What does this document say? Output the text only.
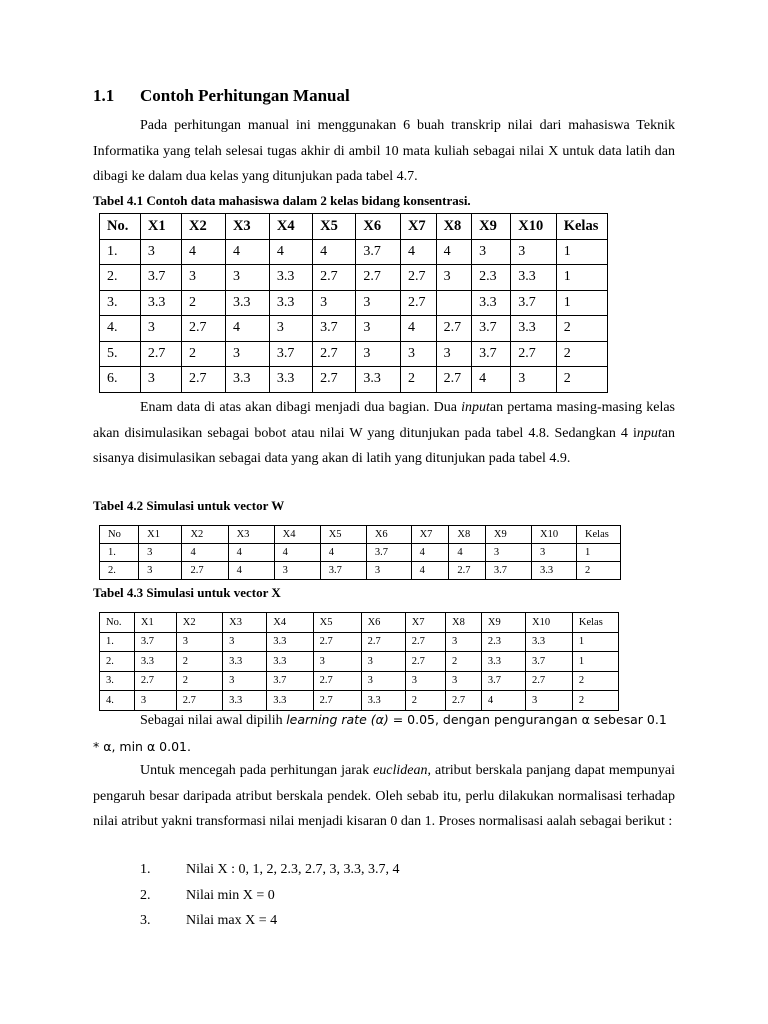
1.1 Contoh Perhitungan Manual

Pada perhitungan manual ini menggunakan 6 buah transkrip nilai dari mahasiswa Teknik Informatika yang telah selesai tugas akhir di ambil 10 mata kuliah sebagai nilai X untuk data latih dan dibagi ke dalam dua kelas yang ditunjukan pada tabel 4.7.

Tabel 4.1 Contoh data mahasiswa dalam 2 kelas bidang konsentrasi.
No.	X1	X2	X3	X4	X5	X6	X7	X8	X9	X10	Kelas
1.	3	4	4	4	4	3.7	4	4	3	3	1
2.	3.7	3	3	3.3	2.7	2.7	2.7	3	2.3	3.3	1
3.	3.3	2	3.3	3.3	3	3	2.7		3.3	3.7	1
4.	3	2.7	4	3	3.7	3	4	2.7	3.7	3.3	2
5.	2.7	2	3	3.7	2.7	3	3	3	3.7	2.7	2
6.	3	2.7	3.3	3.3	2.7	3.3	2	2.7	4	3	2

Enam data di atas akan dibagi menjadi dua bagian. Dua inputan pertama masing-masing kelas akan disimulasikan sebagai bobot atau nilai W yang ditunjukan pada tabel 4.8. Sedangkan 4 inputan sisanya disimulasikan sebagai data yang akan di latih yang ditunjukan pada tabel 4.9.

Tabel 4.2 Simulasi untuk vector W
No	X1	X2	X3	X4	X5	X6	X7	X8	X9	X10	Kelas
1.	3	4	4	4	4	3.7	4	4	3	3	1
2.	3	2.7	4	3	3.7	3	4	2.7	3.7	3.3	2
Tabel 4.3 Simulasi untuk vector X
No.	X1	X2	X3	X4	X5	X6	X7	X8	X9	X10	Kelas
1.	3.7	3	3	3.3	2.7	2.7	2.7	3	2.3	3.3	1
2.	3.3	2	3.3	3.3	3	3	2.7	2	3.3	3.7	1
3.	2.7	2	3	3.7	2.7	3	3	3	3.7	2.7	2
4.	3	2.7	3.3	3.3	2.7	3.3	2	2.7	4	3	2
Sebagai nilai awal dipilih learning rate (α) = 0.05, dengan pengurangan α sebesar 0.1
* α, min α 0.01.

Untuk mencegah pada perhitungan jarak euclidean, atribut berskala panjang dapat mempunyai pengaruh besar daripada atribut berskala pendek. Oleh sebab itu, perlu dilakukan normalisasi terhadap nilai atribut yakni transformasi nilai menjadi kisaran 0 dan 1. Proses normalisasi aalah sebagai berikut :

1.	Nilai X : 0, 1, 2, 2.3, 2.7, 3, 3.3, 3.7, 4
2.	Nilai min X = 0
3.	Nilai max X = 4
